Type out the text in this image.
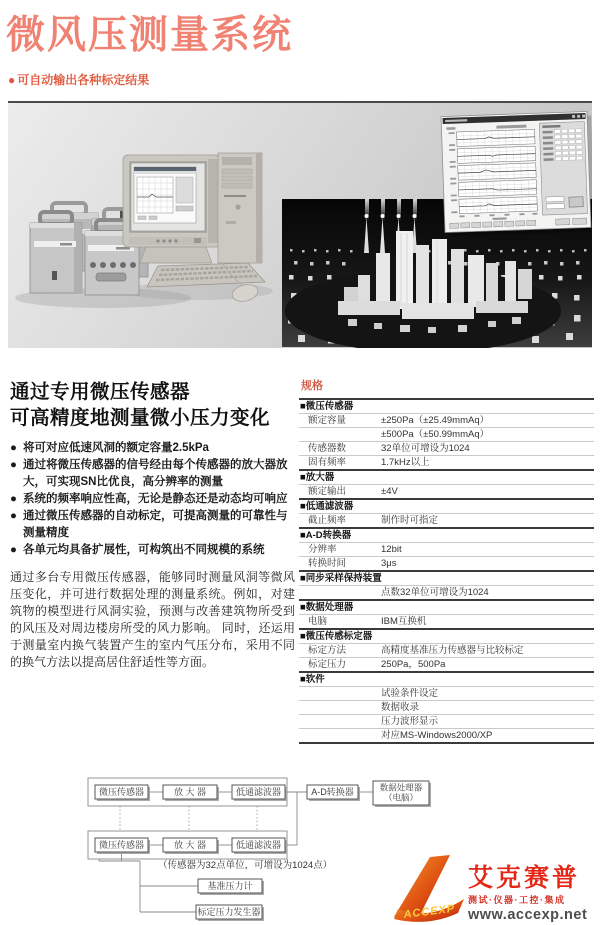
微风压测量系统
● 可自动输出各种标定结果
通过专用微压传感器
可高精度地测量微小压力变化
● 将可对应低速风洞的额定容量2.5kPa
● 通过将微压传感器的信号经由每个传感器的放大器放大，可实现SN比优良，高分辨率的测量
● 系统的频率响应性高，无论是静态还是动态均可响应
● 通过微压传感器的自动标定，可提高测量的可靠性与测量精度
● 各单元均具备扩展性，可构筑出不同规模的系统

通过多台专用微压传感器，能够同时测量风洞等微风压变化，并可进行数据处理的测量系统。例如，对建筑物的模型进行风洞实验，预测与改善建筑物所受到的风压及对周边楼房所受的风力影响。 同时，还运用于测量室内换气装置产生的室内气压分布，采用不同的换气方法以提高居住舒适性等方面。

规格
■微压传感器
额定容量	±250Pa（±25.49mmAq）
±500Pa（±50.99mmAq）
传感器数	32单位可增设为1024
固有频率	1.7kHz以上
■放大器
额定输出	±4V
■低通滤波器
截止频率	制作时可指定
■A-D转换器
分辨率	12bit
转换时间	3μs
■同步采样保持装置
点数32单位可增设为1024
■数据处理器
电脑	IBM互换机
■微压传感标定器
标定方法	高精度基准压力传感器与比较标定
标定压力	250Pa，500Pa
■软件
试验条件设定
数据收录
压力波形显示
对应MS-Windows2000/XP
微压传感器	放 大 器	低通滤波器	A-D转换器	数据处理器
（电脑）
微压传感器	放 大 器	低通滤波器
（传感器为32点单位，可增设为1024点）
基准压力计
标定压力发生器	ACCEXP
艾克赛普
测试·仪器·工控·集成
www.accexp.net
